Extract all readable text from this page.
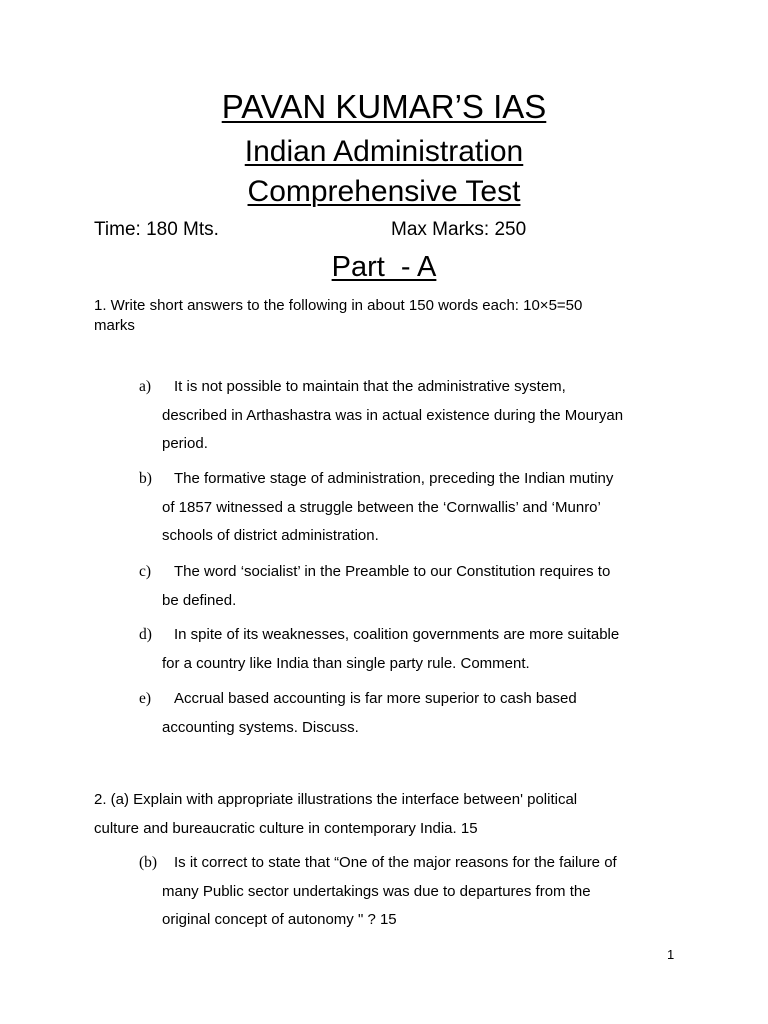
PAVAN KUMAR’S IAS
Indian Administration
Comprehensive Test
Time: 180 Mts.	Max Marks: 250
Part  - A
1. Write short answers to the following in about 150 words each: 10×5=50
marks
a) It is not possible to maintain that the administrative system,
described in Arthashastra was in actual existence during the Mouryan
period.
b) The formative stage of administration, preceding the Indian mutiny
of 1857 witnessed a struggle between the ‘Cornwallis’ and ‘Munro’
schools of district administration.
c) The word ‘socialist’ in the Preamble to our Constitution requires to
be defined.
d) In spite of its weaknesses, coalition governments are more suitable
for a country like India than single party rule. Comment.
e) Accrual based accounting is far more superior to cash based
accounting systems. Discuss.
2. (a) Explain with appropriate illustrations the interface between' political
culture and bureaucratic culture in contemporary India. 15
(b) Is it correct to state that “One of the major reasons for the failure of
many Public sector undertakings was due to departures from the
original concept of autonomy " ? 15
1
